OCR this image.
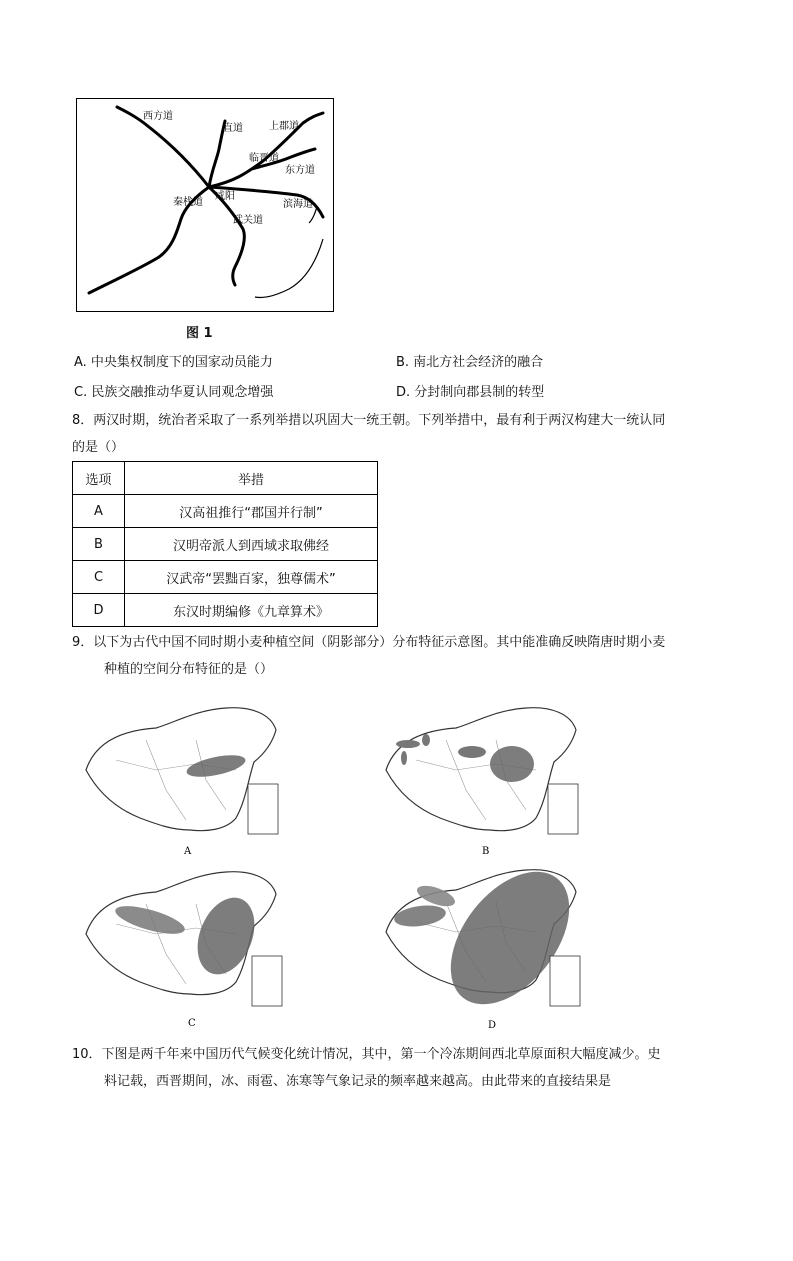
西方道
直道	上郡道
临晋道
东方道
滨海道
咸阳
秦栈道
武关道
图 1
A. 中央集权制度下的国家动员能力	B. 南北方社会经济的融合
C. 民族交融推动华夏认同观念增强	D. 分封制向郡县制的转型
8．两汉时期，统治者采取了一系列举措以巩固大一统王朝。下列举措中，最有利于两汉构建大一统认同
的是（）
选项	举措
A	汉高祖推行“郡国并行制”
B	汉明帝派人到西域求取佛经
C	汉武帝“罢黜百家，独尊儒术”
D	东汉时期编修《九章算术》
9．以下为古代中国不同时期小麦种植空间（阴影部分）分布特征示意图。其中能准确反映隋唐时期小麦
种植的空间分布特征的是（）
A	B
C	D
10．下图是两千年来中国历代气候变化统计情况，其中，第一个冷冻期间西北草原面积大幅度减少。史
料记载，西晋期间，冰、雨雹、冻寒等气象记录的频率越来越高。由此带来的直接结果是
